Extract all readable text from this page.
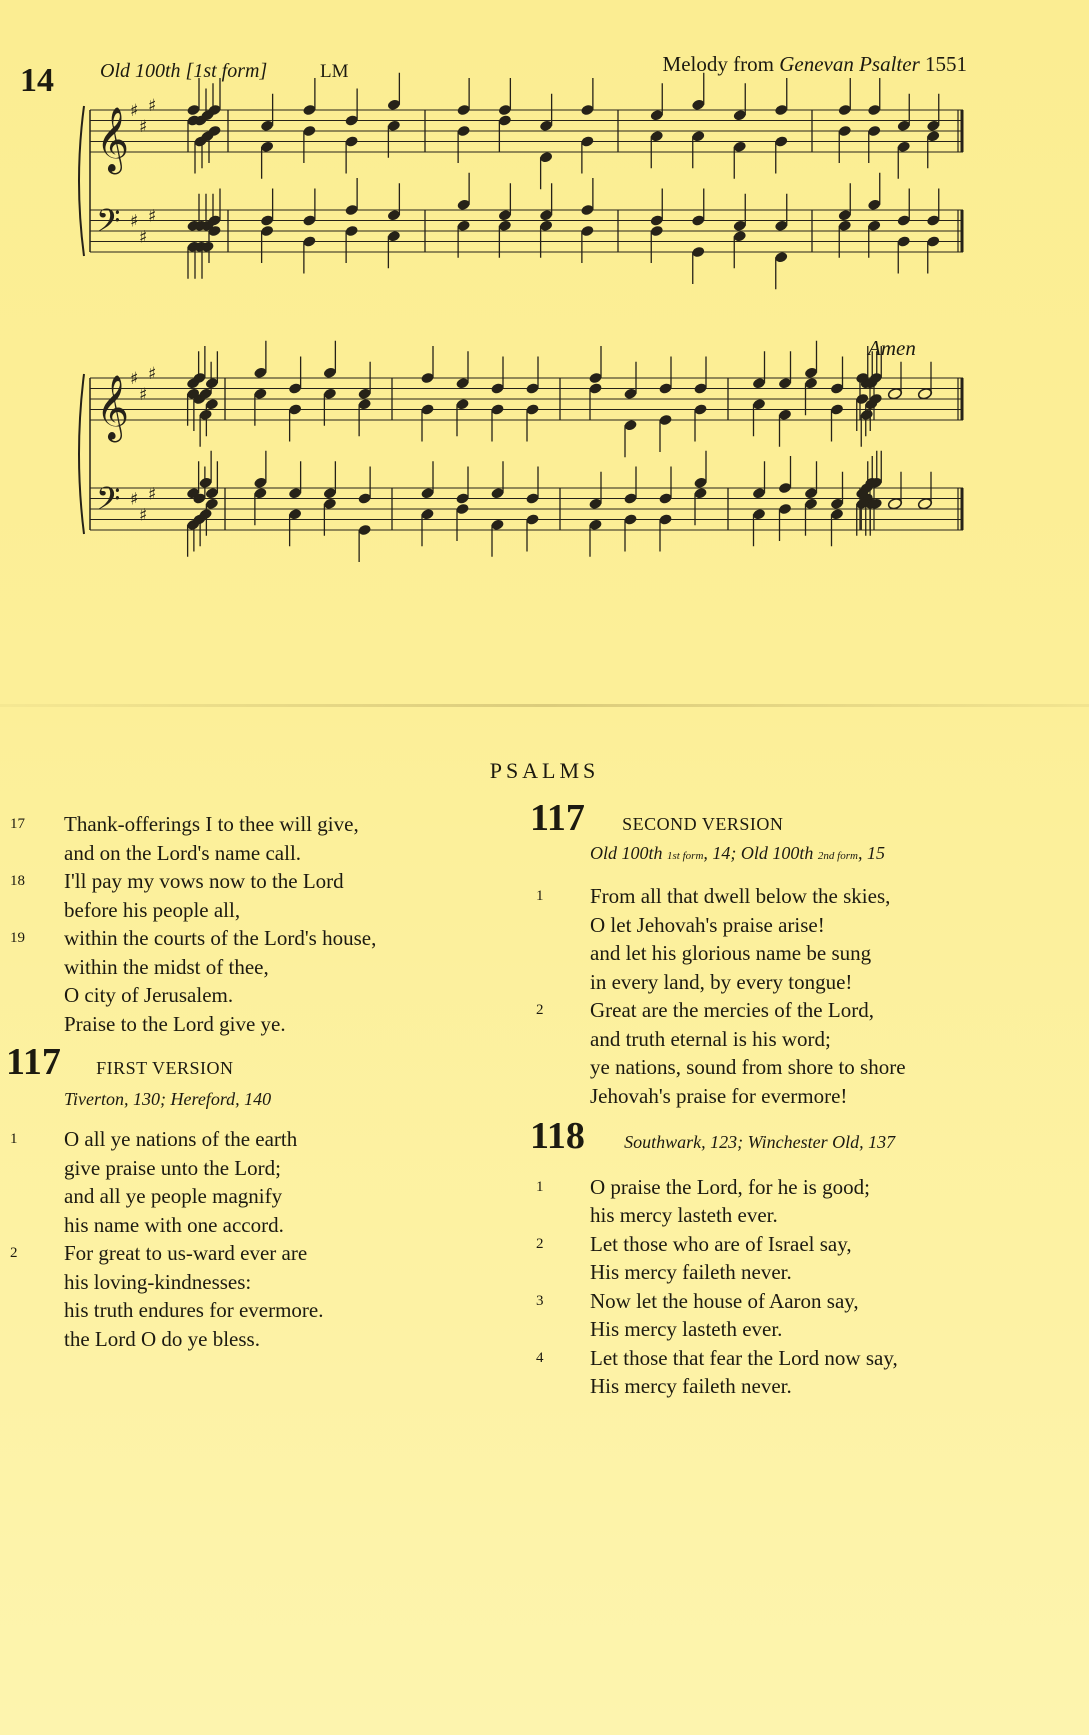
14 Old 100th [1st form]	LM	Melody from Genevan Psalter 1551
Amen
𝄞 ♯
♯
♯
𝄢 ♯
♯
♯
𝄞 ♯
♯
♯
𝄢 ♯
♯
♯
PSALMS
17 Thank-offerings I to thee will give,
and on the Lord's name call.
18 I'll pay my vows now to the Lord
before his people all,
19 within the courts of the Lord's house,
within the midst of thee,
O city of Jerusalem.
Praise to the Lord give ye.
117 FIRST VERSION
Tiverton, 130; Hereford, 140
1 O all ye nations of the earth
give praise unto the Lord;
and all ye people magnify
his name with one accord.
2 For great to us-ward ever are
his loving-kindnesses:
his truth endures for evermore.
the Lord O do ye bless.
117 SECOND VERSION
Old 100th 1st form, 14; Old 100th 2nd form, 15
1 From all that dwell below the skies,
O let Jehovah's praise arise!
and let his glorious name be sung
in every land, by every tongue!
2 Great are the mercies of the Lord,
and truth eternal is his word;
ye nations, sound from shore to shore
Jehovah's praise for evermore!
118 Southwark, 123; Winchester Old, 137
1 O praise the Lord, for he is good;
his mercy lasteth ever.
2 Let those who are of Israel say,
His mercy faileth never.
3 Now let the house of Aaron say,
His mercy lasteth ever.
4 Let those that fear the Lord now say,
His mercy faileth never.
